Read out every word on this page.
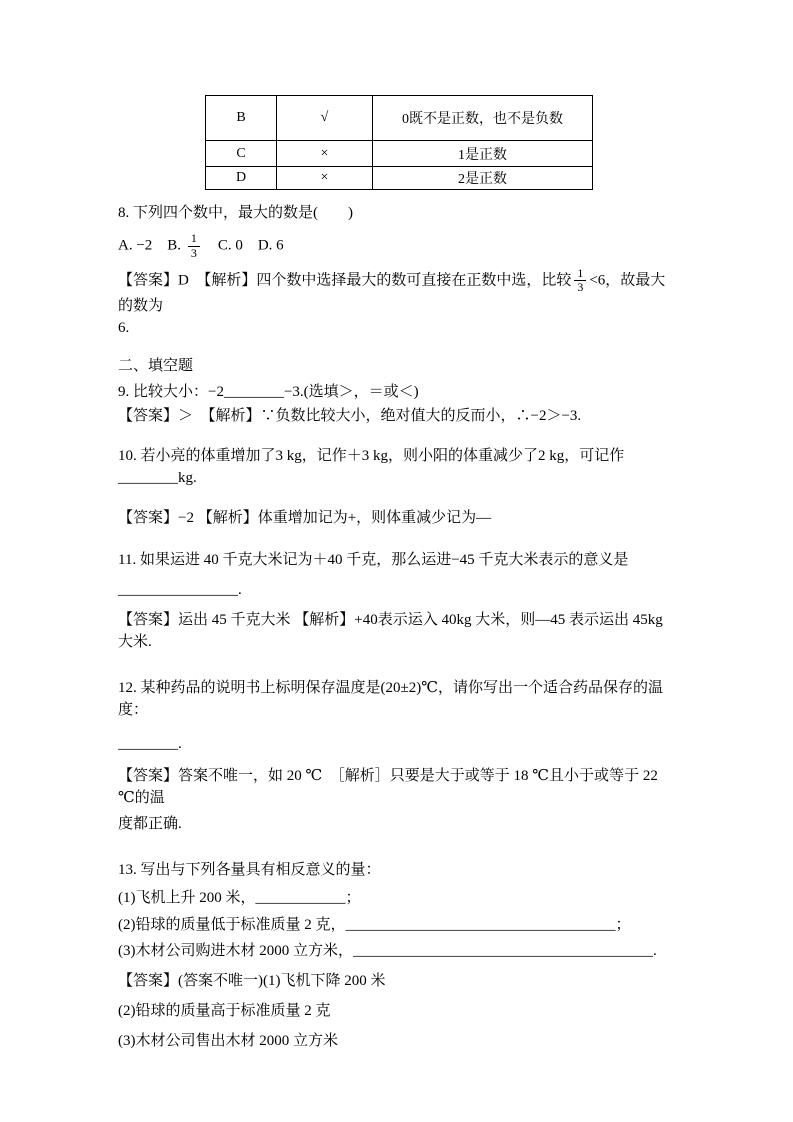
B	√	0既不是正数，也不是负数
C	×	1是正数
D	×	2是正数

8. 下列四个数中，最大的数是(　　)

A. −2　B. $\frac{1}{3}$ 　C. 0　D. 6

【答案】D　【解析】四个数中选择最大的数可直接在正数中选，比较 $\frac{1}{3} <6$，故最大的数为

6.

二、填空题

9. 比较大小：−2________−3.(选填＞，＝或＜)

【答案】＞　【解析】∵负数比较大小，绝对值大的反而小，∴−2＞−3.

10. 若小亮的体重增加了3 kg，记作＋3 kg，则小阳的体重减少了2 kg，可记作________kg.

【答案】−2 【解析】体重增加记为+，则体重减少记为—

11. 如果运进 40 千克大米记为＋40 千克，那么运进−45 千克大米表示的意义是

________________.

【答案】运出 45 千克大米 【解析】+40表示运入 40kg 大米，则—45 表示运出 45kg 大米.

12. 某种药品的说明书上标明保存温度是(20±2)℃，请你写出一个适合药品保存的温度：

________.

【答案】答案不唯一，如 20 ℃　［解析］只要是大于或等于 18 ℃且小于或等于 22 ℃的温

度都正确.

13. 写出与下列各量具有相反意义的量：

(1)飞机上升 200 米，____________；

(2)铅球的质量低于标准质量 2 克，____________________________________；

(3)木材公司购进木材 2000 立方米，________________________________________.

【答案】(答案不唯一)(1)飞机下降 200 米

(2)铅球的质量高于标准质量 2 克

(3)木材公司售出木材 2000 立方米
